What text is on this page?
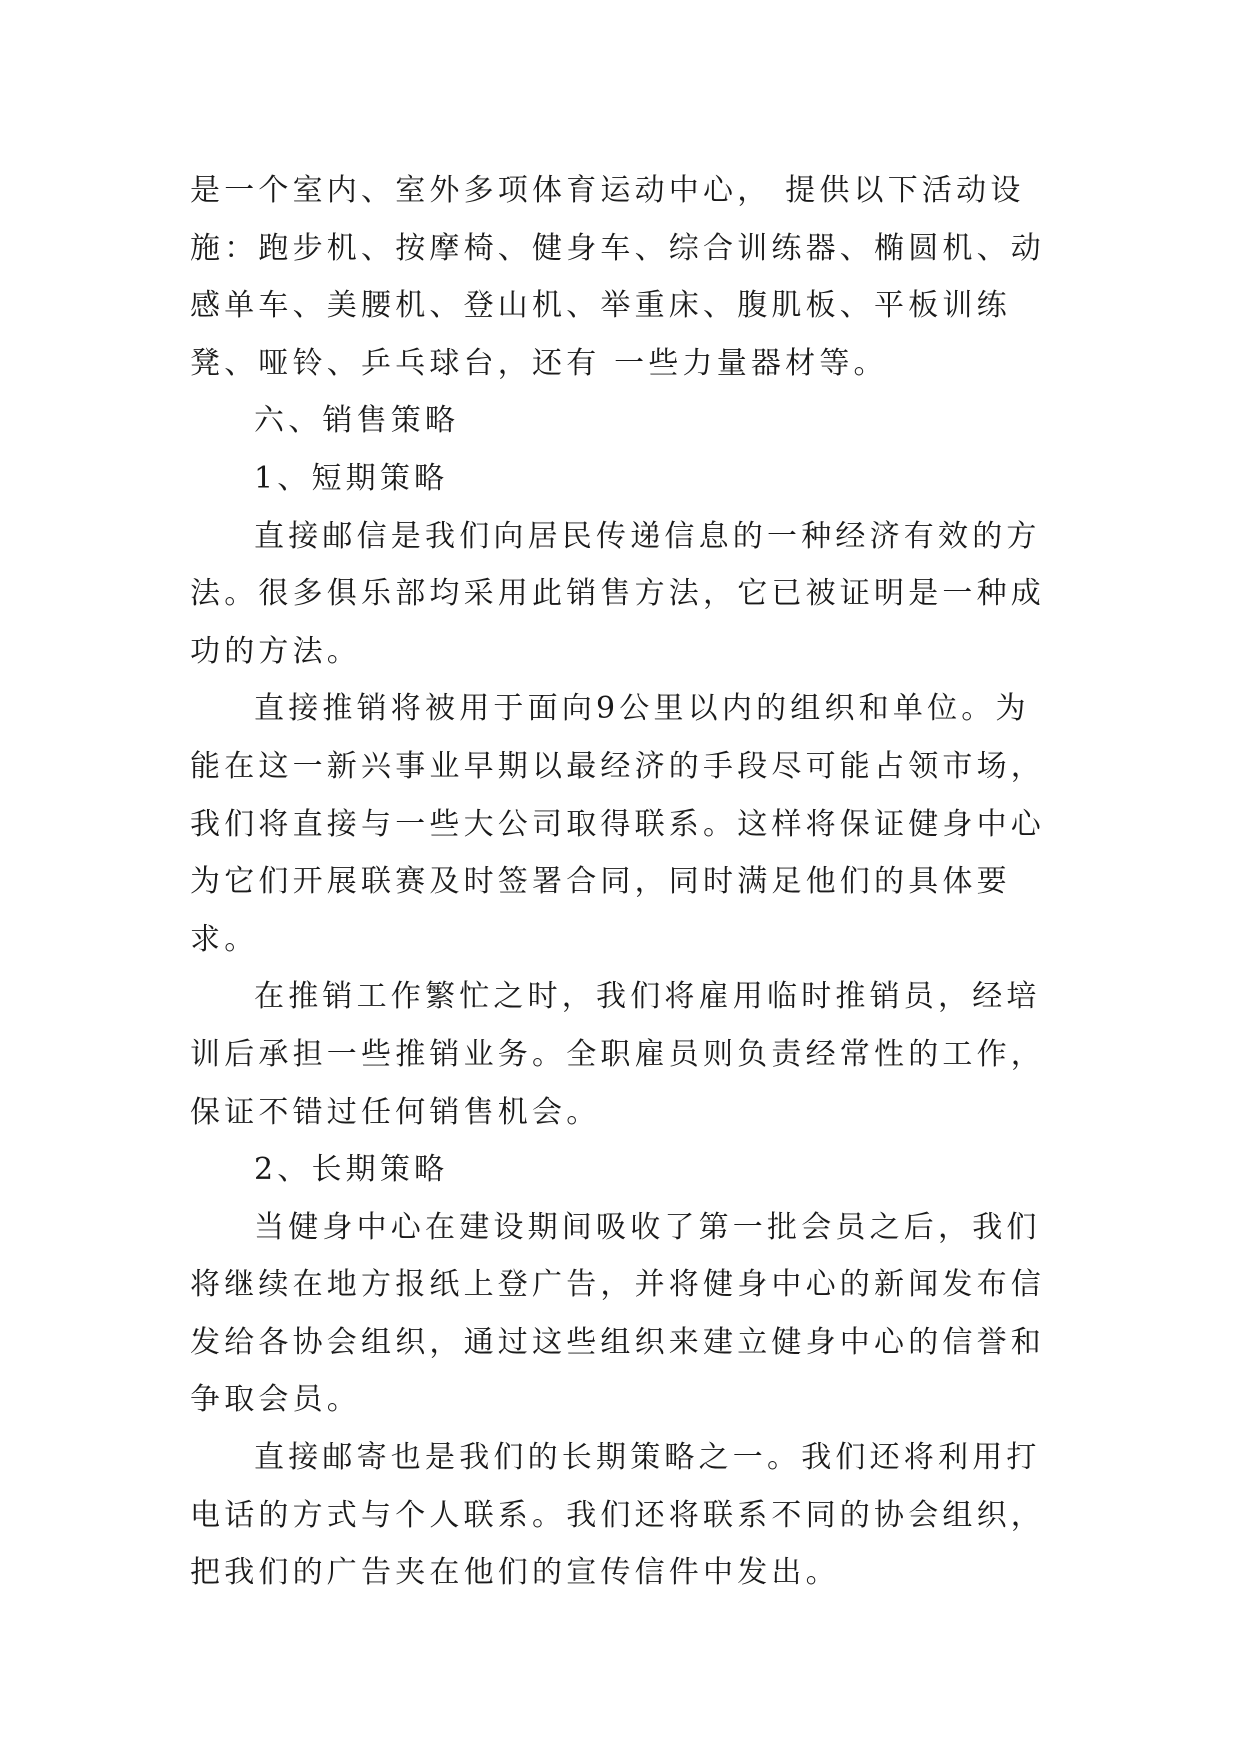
是一个室内、室外多项体育运动中心， 提供以下活动设施：跑步机、按摩椅、健身车、综合训练器、椭圆机、动感单车、美腰机、登山机、举重床、腹肌板、平板训练凳、哑铃、乒乓球台，还有 一些力量器材等。

六、销售策略

1、短期策略

直接邮信是我们向居民传递信息的一种经济有效的方法。很多俱乐部均采用此销售方法，它已被证明是一种成功的方法。

直接推销将被用于面向9公里以内的组织和单位。为能在这一新兴事业早期以最经济的手段尽可能占领市场，我们将直接与一些大公司取得联系。这样将保证健身中心为它们开展联赛及时签署合同，同时满足他们的具体要求。

在推销工作繁忙之时，我们将雇用临时推销员，经培训后承担一些推销业务。全职雇员则负责经常性的工作，保证不错过任何销售机会。

2、长期策略

当健身中心在建设期间吸收了第一批会员之后，我们将继续在地方报纸上登广告，并将健身中心的新闻发布信发给各协会组织，通过这些组织来建立健身中心的信誉和争取会员。

直接邮寄也是我们的长期策略之一。我们还将利用打电话的方式与个人联系。我们还将联系不同的协会组织，把我们的广告夹在他们的宣传信件中发出。
